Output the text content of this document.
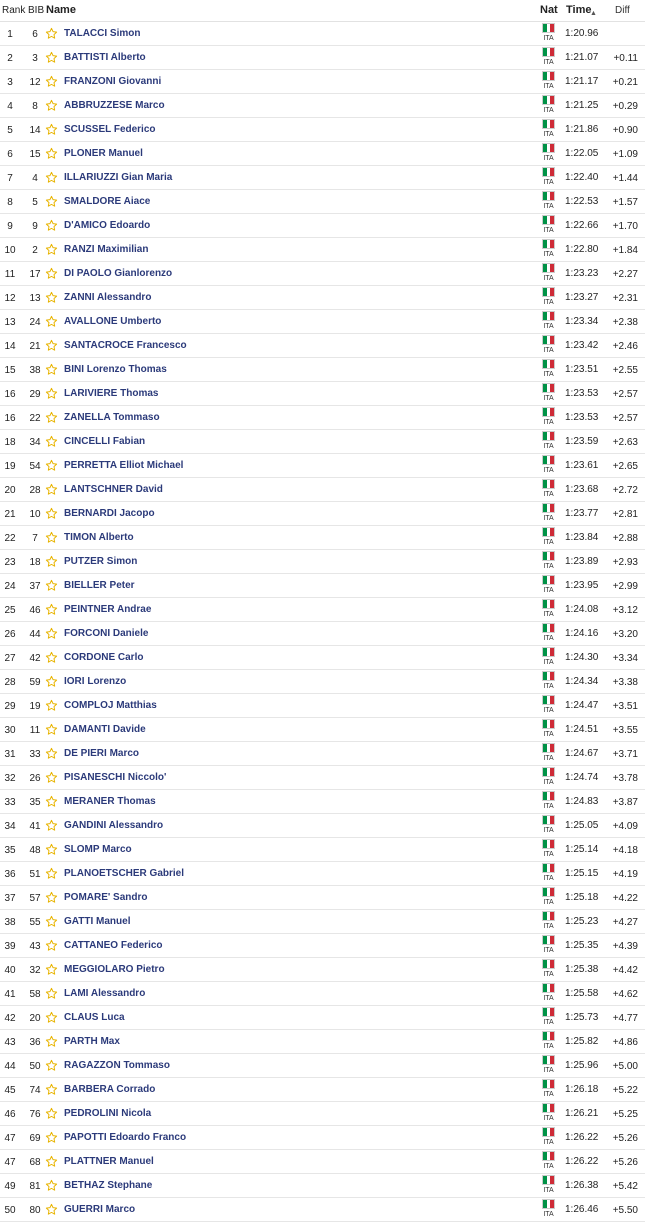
Rank BIB Name	Nat Time
▲ Diff
1	6	TALACCI Simon	ITA 1:20.96
2	3	BATTISTI Alberto	ITA 1:21.07 +0.11
3	12	FRANZONI Giovanni	ITA 1:21.17 +0.21
4	8	ABBRUZZESE Marco	ITA 1:21.25 +0.29
5	14	SCUSSEL Federico	ITA 1:21.86 +0.90
6	15	PLONER Manuel	ITA 1:22.05 +1.09
7	4	ILLARIUZZI Gian Maria	ITA 1:22.40 +1.44
8	5	SMALDORE Aiace	ITA 1:22.53 +1.57
9	9	D'AMICO Edoardo	ITA 1:22.66 +1.70
10	2	RANZI Maximilian	ITA 1:22.80 +1.84
11	17	DI PAOLO Gianlorenzo	ITA 1:23.23 +2.27
12	13	ZANNI Alessandro	ITA 1:23.27 +2.31
13	24	AVALLONE Umberto	ITA 1:23.34 +2.38
14	21	SANTACROCE Francesco	ITA 1:23.42 +2.46
15	38	BINI Lorenzo Thomas	ITA 1:23.51 +2.55
16	29	LARIVIERE Thomas	ITA 1:23.53 +2.57
16	22	ZANELLA Tommaso	ITA 1:23.53 +2.57
18	34	CINCELLI Fabian	ITA 1:23.59 +2.63
19	54	PERRETTA Elliot Michael	ITA 1:23.61 +2.65
20	28	LANTSCHNER David	ITA 1:23.68 +2.72
21	10	BERNARDI Jacopo	ITA 1:23.77 +2.81
22	7	TIMON Alberto	ITA 1:23.84 +2.88
23	18	PUTZER Simon	ITA 1:23.89 +2.93
24	37	BIELLER Peter	ITA 1:23.95 +2.99
25	46	PEINTNER Andrae	ITA 1:24.08 +3.12
26	44	FORCONI Daniele	ITA 1:24.16 +3.20
27	42	CORDONE Carlo	ITA 1:24.30 +3.34
28	59	IORI Lorenzo	ITA 1:24.34 +3.38
29	19	COMPLOJ Matthias	ITA 1:24.47 +3.51
30	11	DAMANTI Davide	ITA 1:24.51 +3.55
31	33	DE PIERI Marco	ITA 1:24.67 +3.71
32	26	PISANESCHI Niccolo'	ITA 1:24.74 +3.78
33	35	MERANER Thomas	ITA 1:24.83 +3.87
34	41	GANDINI Alessandro	ITA 1:25.05 +4.09
35	48	SLOMP Marco	ITA 1:25.14 +4.18
36	51	PLANOETSCHER Gabriel	ITA 1:25.15 +4.19
37	57	POMARE' Sandro	ITA 1:25.18 +4.22
38	55	GATTI Manuel	ITA 1:25.23 +4.27
39	43	CATTANEO Federico	ITA 1:25.35 +4.39
40	32	MEGGIOLARO Pietro	ITA 1:25.38 +4.42
41	58	LAMI Alessandro	ITA 1:25.58 +4.62
42	20	CLAUS Luca	ITA 1:25.73 +4.77
43	36	PARTH Max	ITA 1:25.82 +4.86
44	50	RAGAZZON Tommaso	ITA 1:25.96 +5.00
45	74	BARBERA Corrado	ITA 1:26.18 +5.22
46	76	PEDROLINI Nicola	ITA 1:26.21 +5.25
47	69	PAPOTTI Edoardo Franco	ITA 1:26.22 +5.26
47	68	PLATTNER Manuel	ITA 1:26.22 +5.26
49	81	BETHAZ Stephane	ITA 1:26.38 +5.42
50	80	GUERRI Marco	ITA 1:26.46 +5.50
